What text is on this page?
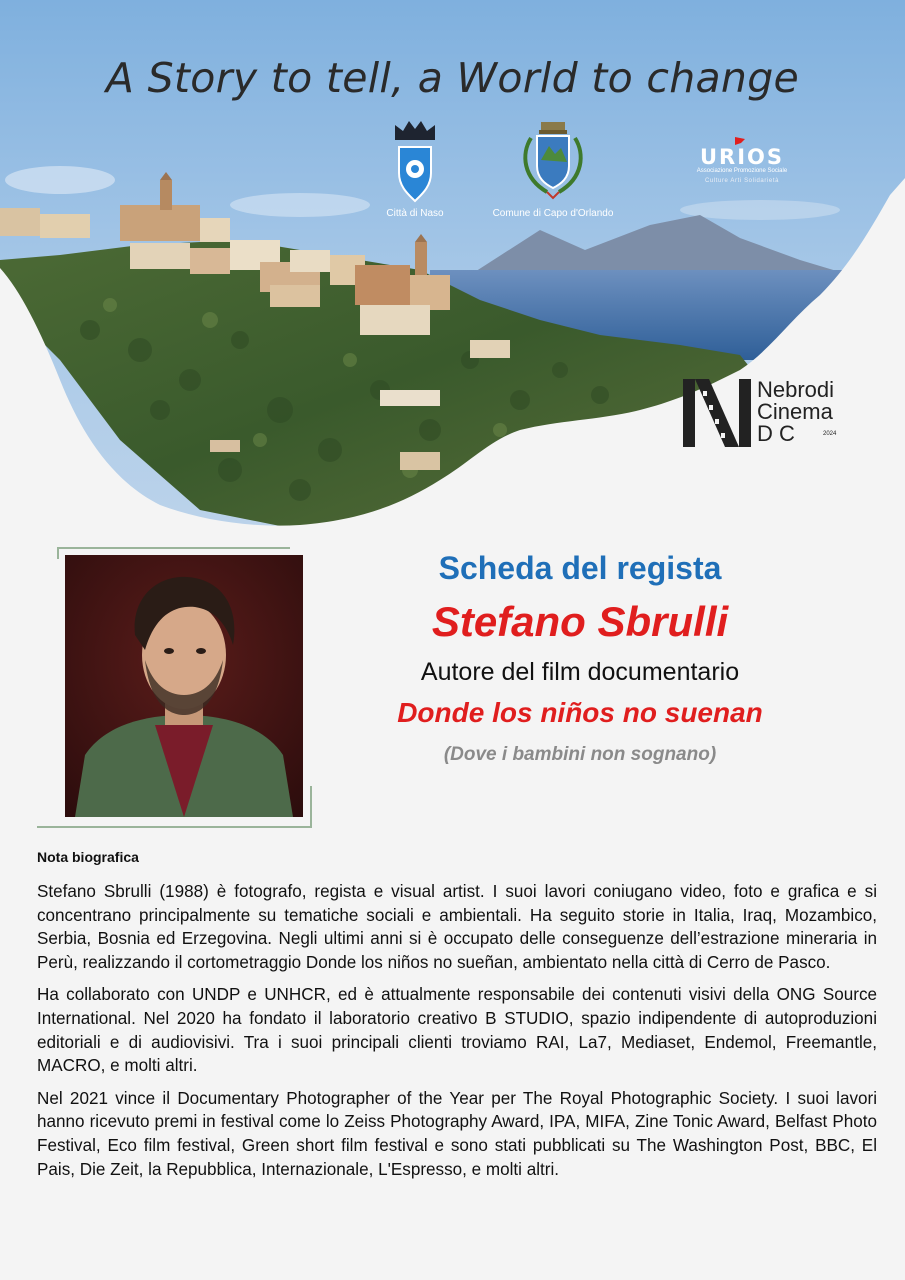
A Story to tell, a World to change
Città di Naso	Comune di Capo d'Orlando
URIOS
Associazione Promozione Sociale
Culture Arti Solidarietà
Nebrodi
Cinema
D C	2024
Scheda del regista
Stefano Sbrulli
Autore del film documentario
Donde los niños no suenan
(Dove i bambini non sognano)
Nota biografica

Stefano Sbrulli (1988) è fotografo, regista e visual artist. I suoi lavori coniugano video, foto e grafica e si concentrano principalmente su tematiche sociali e ambientali. Ha seguito storie in Italia, Iraq, Mozambico, Serbia, Bosnia ed Erzegovina. Negli ultimi anni si è occupato delle conseguenze dell’estrazione mineraria in Perù, realizzando il cortometraggio Donde los niños no sueñan, ambientato nella città di Cerro de Pasco.

Ha collaborato con UNDP e UNHCR, ed è attualmente responsabile dei contenuti visivi della ONG Source International. Nel 2020 ha fondato il laboratorio creativo B STUDIO, spazio indipendente di autoproduzioni editoriali e di audiovisivi. Tra i suoi principali clienti troviamo RAI, La7, Mediaset, Endemol, Freemantle, MACRO, e molti altri.

Nel 2021 vince il Documentary Photographer of the Year per The Royal Photographic Society. I suoi lavori hanno ricevuto premi in festival come lo Zeiss Photography Award, IPA, MIFA, Zine Tonic Award, Belfast Photo Festival, Eco film festival, Green short film festival e sono stati pubblicati su The Washington Post, BBC, El Pais, Die Zeit, la Repubblica, Internazionale, L'Espresso, e molti altri.
